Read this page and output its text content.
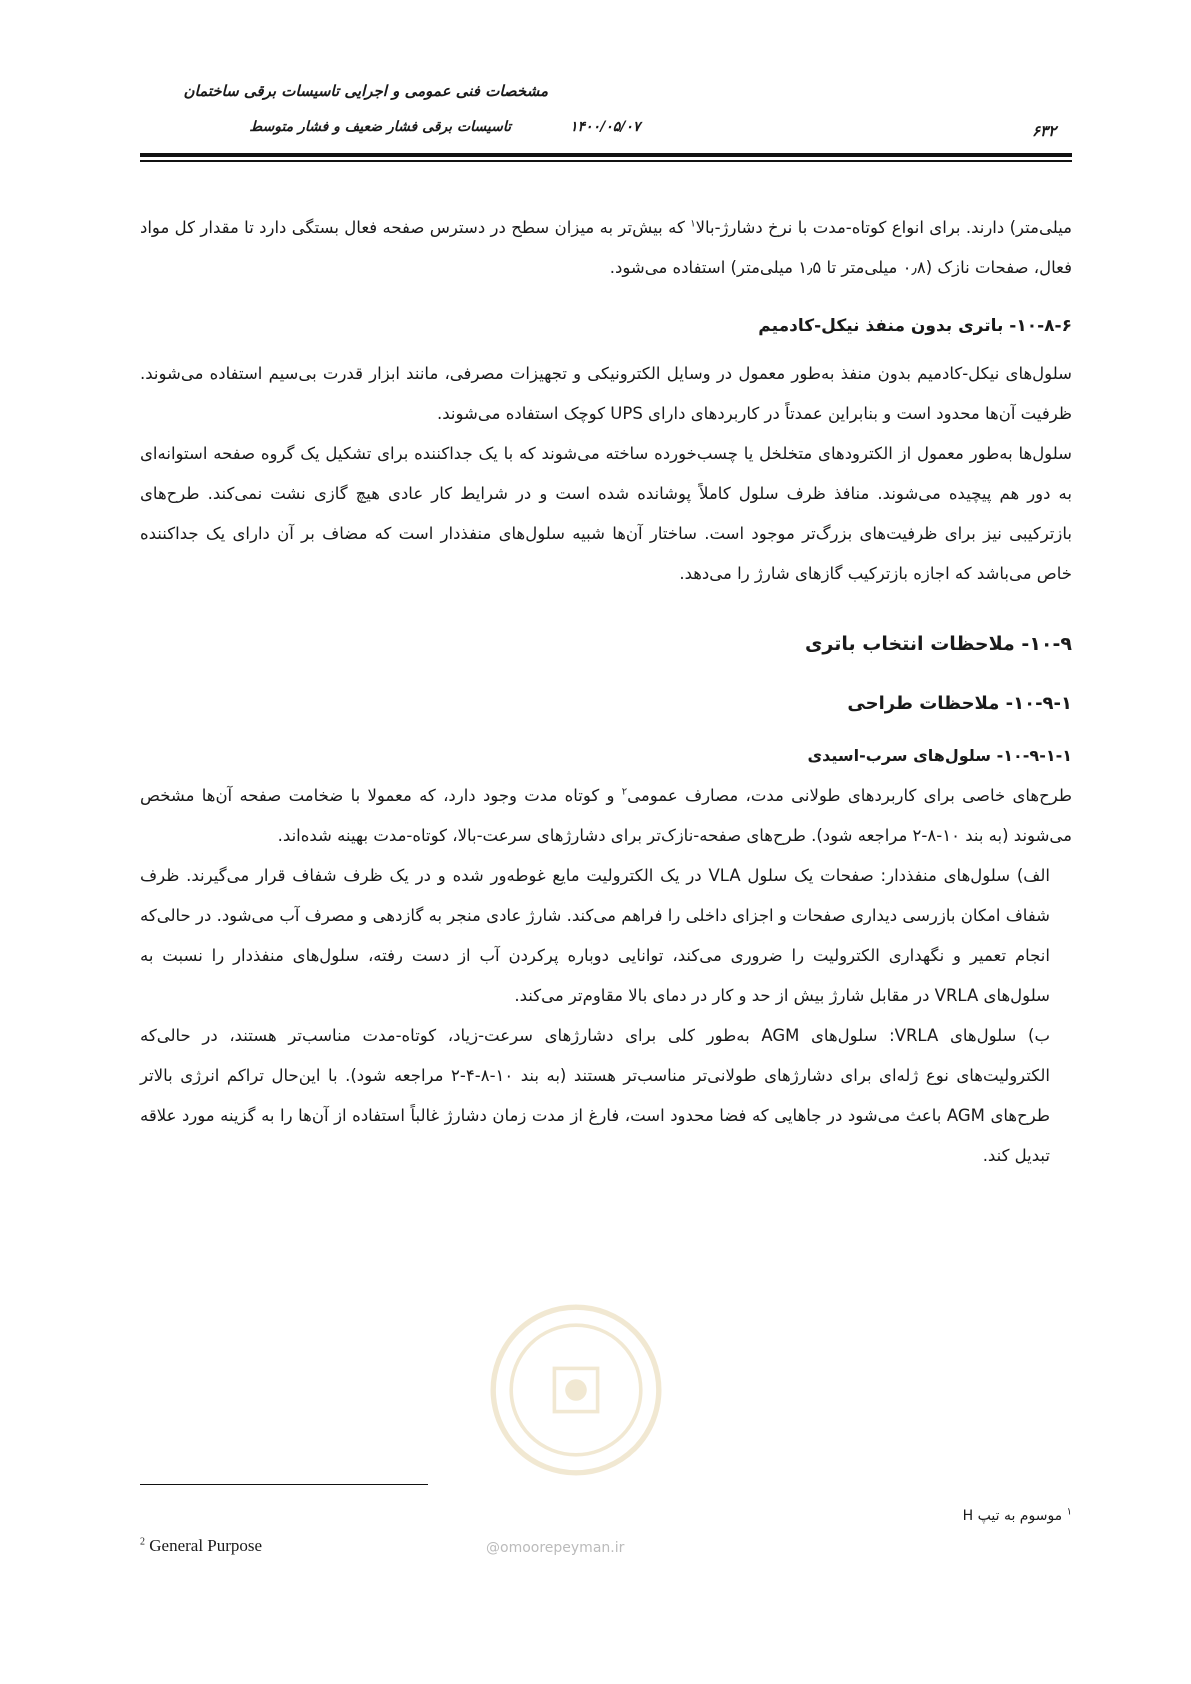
مشخصات فنی عمومی و اجرایی تاسیسات برقی ساختمان
تاسیسات برقی فشار ضعیف و فشار متوسط	۱۴۰۰/۰۵/۰۷	۶۳۲
@omoorepeyman.ir

میلی‌متر) دارند. برای انواع کوتاه-مدت با نرخ دشارژ-بالا$^۱$ که بیش‌تر به میزان سطح در دسترس صفحه فعال بستگی دارد تا مقدار کل مواد فعال، صفحات نازک (۰٫۸ میلی‌متر تا ۱٫۵ میلی‌متر) استفاده می‌شود.

۱۰-۸-۶- باتری بدون منفذ نیکل-کادمیم

سلول‌های نیکل-کادمیم بدون منفذ به‌طور معمول در وسایل الکترونیکی و تجهیزات مصرفی، مانند ابزار قدرت بی‌سیم استفاده می‌شوند. ظرفیت آن‌ها محدود است و بنابراین عمدتاً در کاربردهای دارای UPS کوچک استفاده می‌شوند.

سلول‌ها به‌طور معمول از الکترودهای متخلخل یا چسب‌خورده ساخته می‌شوند که با یک جداکننده برای تشکیل یک گروه صفحه استوانه‌ای به دور هم پیچیده می‌شوند. منافذ ظرف سلول کاملاً پوشانده شده است و در شرایط کار عادی هیچ گازی نشت نمی‌کند. طرح‌های بازترکیبی نیز برای ظرفیت‌های بزرگ‌تر موجود است. ساختار آن‌ها شبیه سلول‌های منفذدار است که مضاف بر آن دارای یک جداکننده خاص می‌باشد که اجازه بازترکیب گازهای شارژ را می‌دهد.

۱۰-۹- ملاحظات انتخاب باتری

۱۰-۹-۱- ملاحظات طراحی

۱۰-۹-۱-۱- سلول‌های سرب-اسیدی

طرح‌های خاصی برای کاربردهای طولانی مدت، مصارف عمومی$^۲$ و کوتاه مدت وجود دارد، که معمولا با ضخامت صفحه آن‌ها مشخص می‌شوند (به بند ۱۰-۸-۲ مراجعه شود). طرح‌های صفحه-نازک‌تر برای دشارژهای سرعت-بالا، کوتاه-مدت بهینه شده‌اند.

الف) سلول‌های منفذدار: صفحات یک سلول VLA در یک الکترولیت مایع غوطه‌ور شده و در یک ظرف شفاف قرار می‌گیرند. ظرف شفاف امکان بازرسی دیداری صفحات و اجزای داخلی را فراهم می‌کند. شارژ عادی منجر به گازدهی و مصرف آب می‌شود. در حالی‌که انجام تعمیر و نگهداری الکترولیت را ضروری می‌کند، توانایی دوباره پرکردن آب از دست رفته، سلول‌های منفذدار را نسبت به سلول‌های VRLA در مقابل شارژ بیش از حد و کار در دمای بالا مقاوم‌تر می‌کند.

ب) سلول‌های VRLA: سلول‌های AGM به‌طور کلی برای دشارژهای سرعت-زیاد، کوتاه-مدت مناسب‌تر هستند، در حالی‌که الکترولیت‌های نوع ژله‌ای برای دشارژهای طولانی‌تر مناسب‌تر هستند (به بند ۱۰-۸-۴-۲ مراجعه شود). با این‌حال تراکم انرژی بالاتر طرح‌های AGM باعث می‌شود در جاهایی که فضا محدود است، فارغ از مدت زمان دشارژ غالباً استفاده از آن‌ها را به گزینه مورد علاقه تبدیل کند.

$^۱$ موسوم به تیپ H
$^2$ General Purpose
